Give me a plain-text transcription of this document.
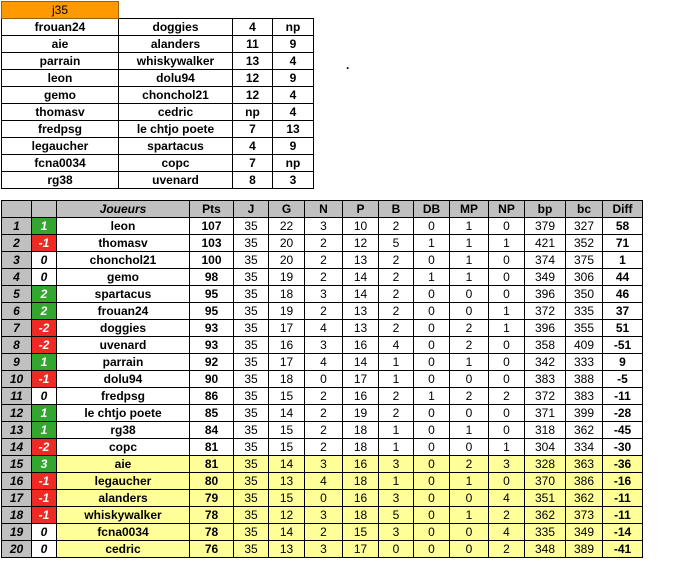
j35			
frouan24	doggies	4	np
aie	alanders	11	9
parrain	whiskywalker	13	4
leon	dolu94	12	9
gemo	chonchol21	12	4
thomasv	cedric	np	4
fredpsg	le chtjo poete	7	13
legaucher	spartacus	4	9
fcna0034	copc	7	np
rg38	uvenard	8	3
.
		Joueurs	Pts	J	G	N	P	B	DB	MP	NP	bp	bc	Diff
1	1	leon	107	35	22	3	10	2	0	1	0	379	327	58
2	-1	thomasv	103	35	20	2	12	5	1	1	1	421	352	71
3	0	chonchol21	100	35	20	2	13	2	0	1	0	374	375	1
4	0	gemo	98	35	19	2	14	2	1	1	0	349	306	44
5	2	spartacus	95	35	18	3	14	2	0	0	0	396	350	46
6	2	frouan24	95	35	19	2	13	2	0	0	1	372	335	37
7	-2	doggies	93	35	17	4	13	2	0	2	1	396	355	51
8	-2	uvenard	93	35	16	3	16	4	0	2	0	358	409	-51
9	1	parrain	92	35	17	4	14	1	0	1	0	342	333	9
10	-1	dolu94	90	35	18	0	17	1	0	0	0	383	388	-5
11	0	fredpsg	86	35	15	2	16	2	1	2	2	372	383	-11
12	1	le chtjo poete	85	35	14	2	19	2	0	0	0	371	399	-28
13	1	rg38	84	35	15	2	18	1	0	1	0	318	362	-45
14	-2	copc	81	35	15	2	18	1	0	0	1	304	334	-30
15	3	aie	81	35	14	3	16	3	0	2	3	328	363	-36
16	-1	legaucher	80	35	13	4	18	1	0	1	0	370	386	-16
17	-1	alanders	79	35	15	0	16	3	0	0	4	351	362	-11
18	-1	whiskywalker	78	35	12	3	18	5	0	1	2	362	373	-11
19	0	fcna0034	78	35	14	2	15	3	0	0	4	335	349	-14
20	0	cedric	76	35	13	3	17	0	0	0	2	348	389	-41
